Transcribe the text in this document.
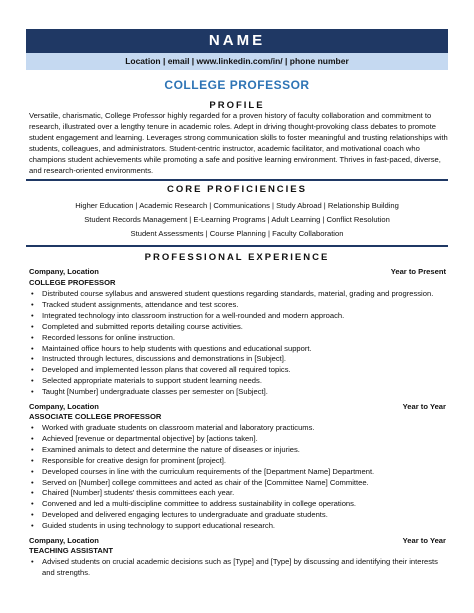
NAME
Location | email | www.linkedin.com/in/ | phone number
COLLEGE PROFESSOR
PROFILE

Versatile, charismatic, College Professor highly regarded for a proven history of faculty collaboration and commitment to research, illustrated over a lengthy tenure in academic roles. Adept in driving thought-provoking class debates to promote student engagement and learning. Leverages strong communication skills to foster meaningful and trusting relationships with students, colleagues, and administrators. Student-centric instructor, academic facilitator, and motivational coach who champions student achievements while promoting a safe and positive learning environment. Thrives in fast-paced, diverse, and research-oriented environments.

CORE PROFICIENCIES
Higher Education | Academic Research | Communications | Study Abroad | Relationship Building
Student Records Management | E-Learning Programs | Adult Learning | Conflict Resolution
Student Assessments | Course Planning | Faculty Collaboration
PROFESSIONAL EXPERIENCE
Company, Location	Year to Present
COLLEGE PROFESSOR
• Distributed course syllabus and answered student questions regarding standards, material, grading and progression.
• Tracked student assignments, attendance and test scores.
• Integrated technology into classroom instruction for a well-rounded and modern approach.
• Completed and submitted reports detailing course activities.
• Recorded lessons for online instruction.
• Maintained office hours to help students with questions and educational support.
• Instructed through lectures, discussions and demonstrations in [Subject].
• Developed and implemented lesson plans that covered all required topics.
• Selected appropriate materials to support student learning needs.
• Taught [Number] undergraduate classes per semester on [Subject].
Company, Location	Year to Year
ASSOCIATE COLLEGE PROFESSOR
• Worked with graduate students on classroom material and laboratory practicums.
• Achieved [revenue or departmental objective] by [actions taken].
• Examined animals to detect and determine the nature of diseases or injuries.
• Responsible for creative design for prominent [project].
• Developed courses in line with the curriculum requirements of the [Department Name] Department.
• Served on [Number] college committees and acted as chair of the [Committee Name] Committee.
• Chaired [Number] students' thesis committees each year.
• Convened and led a multi-discipline committee to address sustainability in college operations.
• Developed and delivered engaging lectures to undergraduate and graduate students.
• Guided students in using technology to support educational research.
Company, Location	Year to Year
TEACHING ASSISTANT
• Advised students on crucial academic decisions such as [Type] and [Type] by discussing and identifying their interests and strengths.
